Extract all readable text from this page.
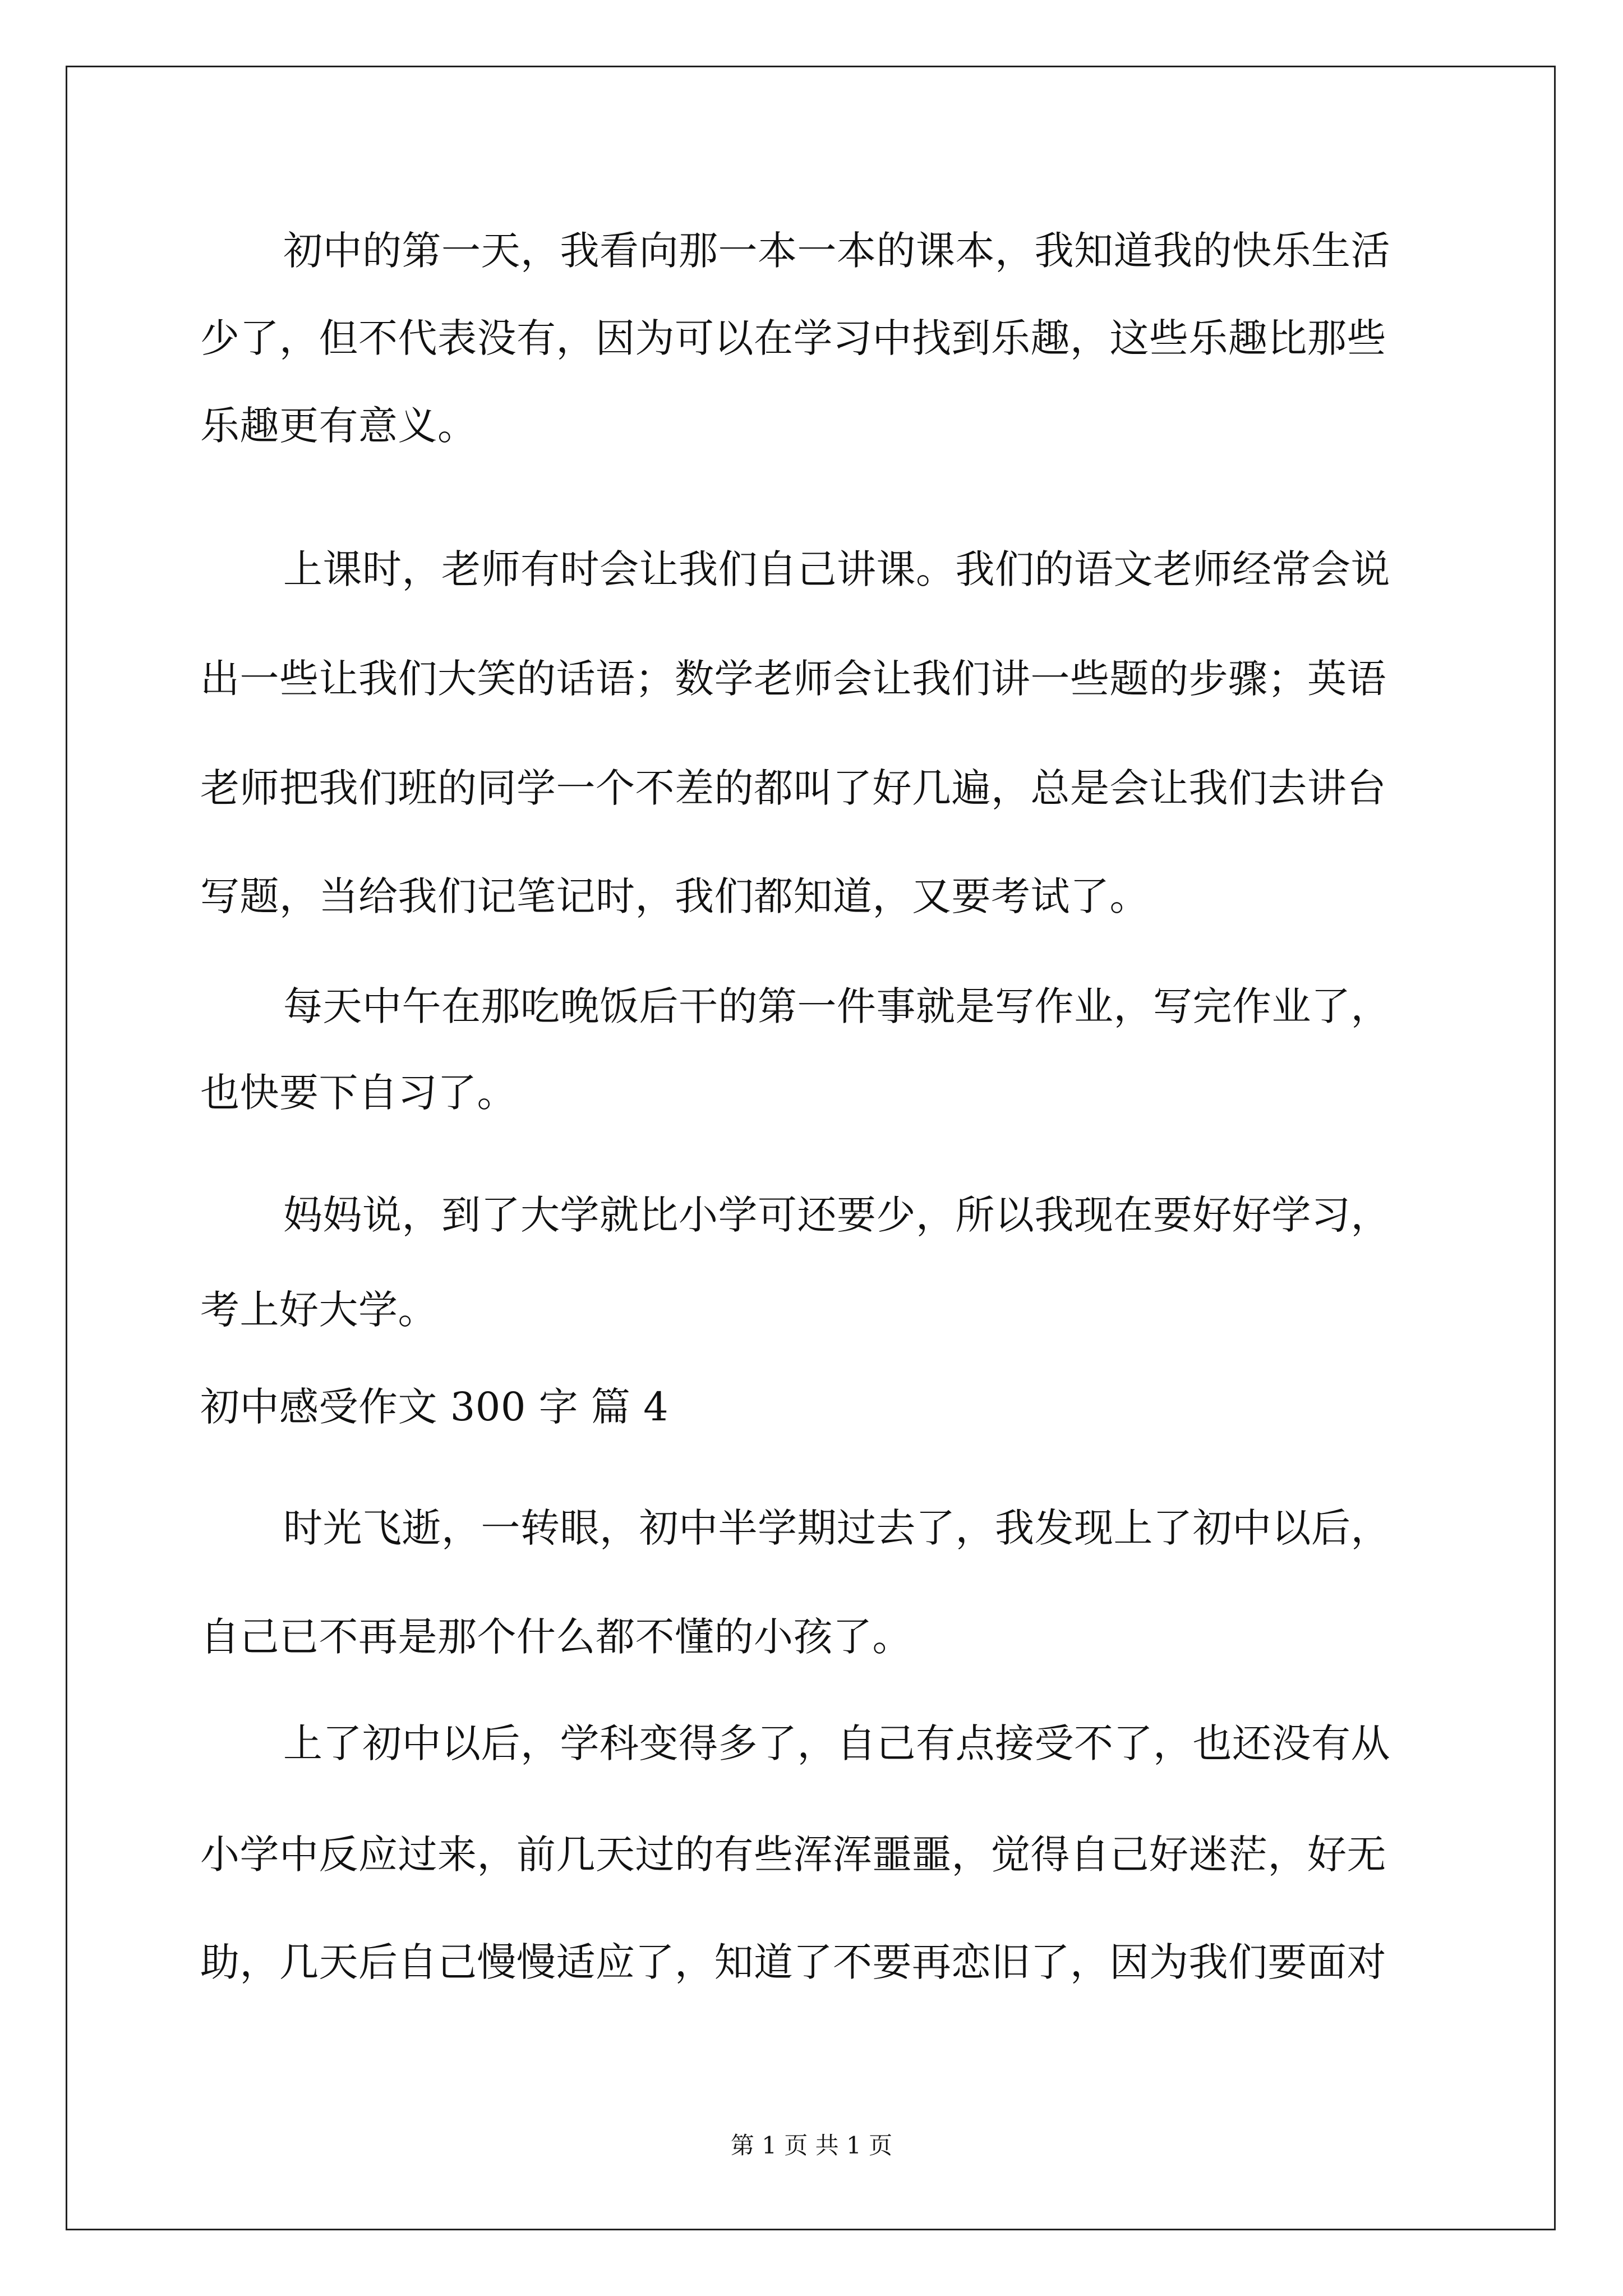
初中的第一天，我看向那一本一本的课本，我知道我的快乐生活
少了，但不代表没有，因为可以在学习中找到乐趣，这些乐趣比那些
乐趣更有意义。
上课时，老师有时会让我们自己讲课。我们的语文老师经常会说
出一些让我们大笑的话语；数学老师会让我们讲一些题的步骤；英语
老师把我们班的同学一个不差的都叫了好几遍，总是会让我们去讲台
写题，当给我们记笔记时，我们都知道，又要考试了。
每天中午在那吃晚饭后干的第一件事就是写作业，写完作业了，
也快要下自习了。
妈妈说，到了大学就比小学可还要少，所以我现在要好好学习，
考上好大学。
初中感受作文 300 字 篇 4
时光飞逝，一转眼，初中半学期过去了，我发现上了初中以后，
自己已不再是那个什么都不懂的小孩了。
上了初中以后，学科变得多了，自己有点接受不了，也还没有从
小学中反应过来，前几天过的有些浑浑噩噩，觉得自己好迷茫，好无
助，几天后自己慢慢适应了，知道了不要再恋旧了，因为我们要面对
第 1 页 共 1 页
